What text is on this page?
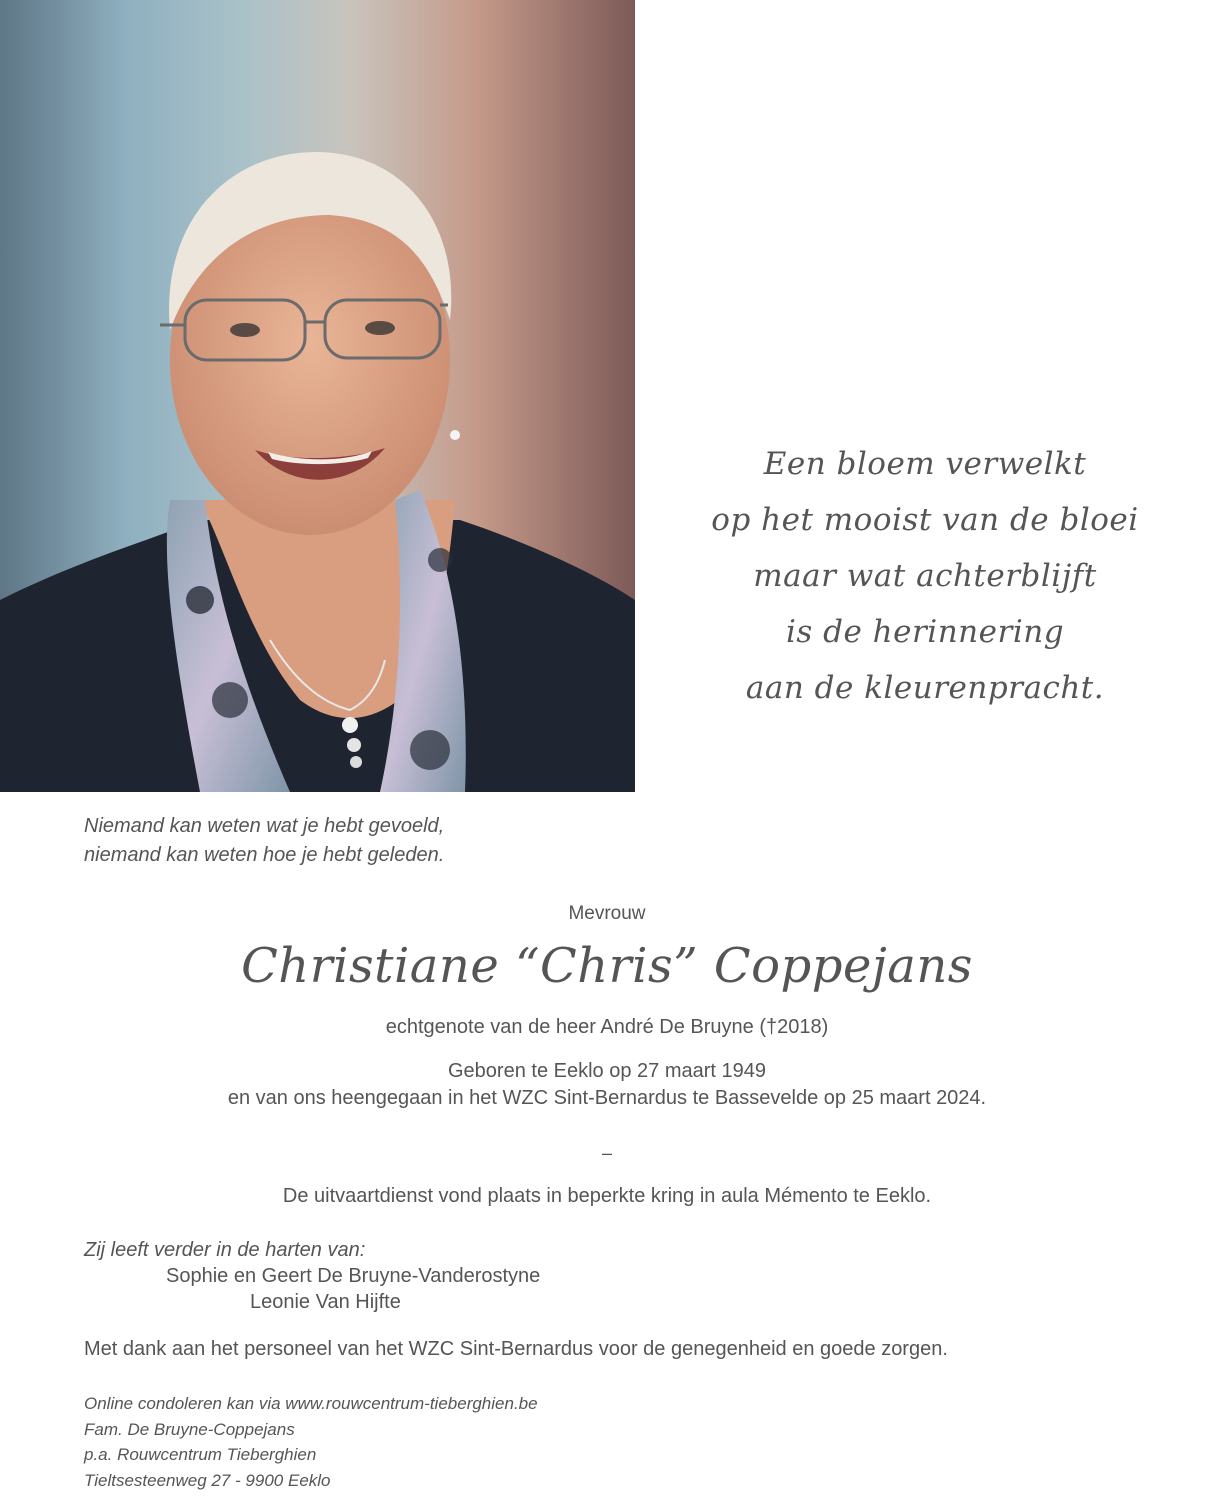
Een bloem verwelkt
op het mooist van de bloei
maar wat achterblijft
is de herinnering
aan de kleurenpracht.
Niemand kan weten wat je hebt gevoeld,
niemand kan weten hoe je hebt geleden.
Mevrouw
Christiane “Chris” Coppejans
echtgenote van de heer André De Bruyne (†2018)
Geboren te Eeklo op 27 maart 1949
en van ons heengegaan in het WZC Sint-Bernardus te Bassevelde op 25 maart 2024.
–
De uitvaartdienst vond plaats in beperkte kring in aula Mémento te Eeklo.
Zij leeft verder in de harten van:
Sophie en Geert De Bruyne-Vanderostyne
Leonie Van Hijfte
Met dank aan het personeel van het WZC Sint-Bernardus voor de genegenheid en goede zorgen.
Online condoleren kan via www.rouwcentrum-tieberghien.be
Fam. De Bruyne-Coppejans
p.a. Rouwcentrum Tieberghien
Tieltsesteenweg 27 - 9900 Eeklo
